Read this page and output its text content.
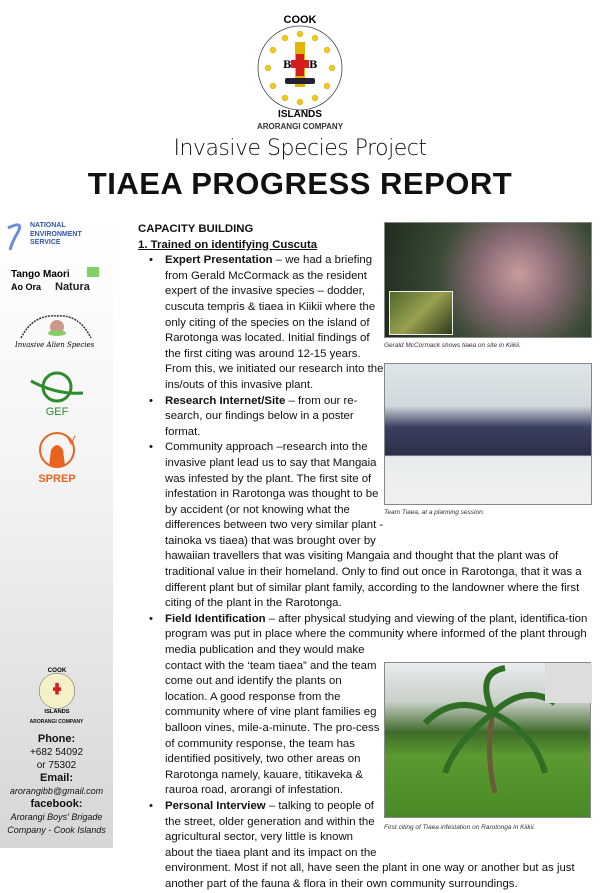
B B
COOK
ISLANDS
ARORANGI COMPANY
Invasive Species Project
TIAEA PROGRESS REPORT
NATIONAL ENVIRONMENT SERVICE
Tango Maori
Ao Ora Natura
Invasive Alien Species
GEF
SPREP
COOK
ISLANDS
ARORANGI COMPANY
Phone:
+682 54092
or 75302
Email:
arorangibb@gmail.com
facebook:
Arorangi Boys' Brigade Company - Cook Islands
Gerald McCormack shows tiaea on site in Kiikii.
Team Tiaea, at a planning session.
First citing of Tiaea infestation on Rarotonga in Kiikii.
CAPACITY BUILDING
1. Trained on identifying Cuscuta
• Expert Presentation – we had a briefing from Gerald McCormack as the resident expert of the invasive species – dodder, cuscuta tempris & tiaea in Kiikii where the only citing of the species on the island of Rarotonga was located. Initial findings of the first citing was around 12-15 years. From this, we initiated our research into the ins/outs of this invasive plant.
• Research Internet/Site – from our re-search, our findings below in a poster format.
• Community approach –research into the invasive plant lead us to say that Mangaia was infested by the plant. The first site of infestation in Rarotonga was thought to be by accident (or not knowing what the differences between two very similar plant - tainoka vs tiaea) that was brought over by hawaiian travellers that was visiting Mangaia and thought that the plant was of traditional value in their homeland. Only to find out once in Rarotonga, that it was a different plant but of similar plant family, according to the landowner where the first citing of the plant in the Rarotonga.
• Field Identification – after physical studying and viewing of the plant, identifica-tion program was put in place where the community where informed of the plant through media publication and they would make contact with the ‘team tiaea” and the team come out and identify the plants on location. A good response from the community where of vine plant families eg balloon vines, mile-a-minute. The pro-cess of community response, the team has identified positively, two other areas on Rarotonga namely, kauare, titikaveka & rauroa road, arorangi of infestation.
• Personal Interview – talking to people of the street, older generation and within the agricultural sector, very little is known about the tiaea plant and its impact on the environment. Most if not all, have seen the plant in one way or another but as just another part of the fauna & flora in their own community surroundings.
